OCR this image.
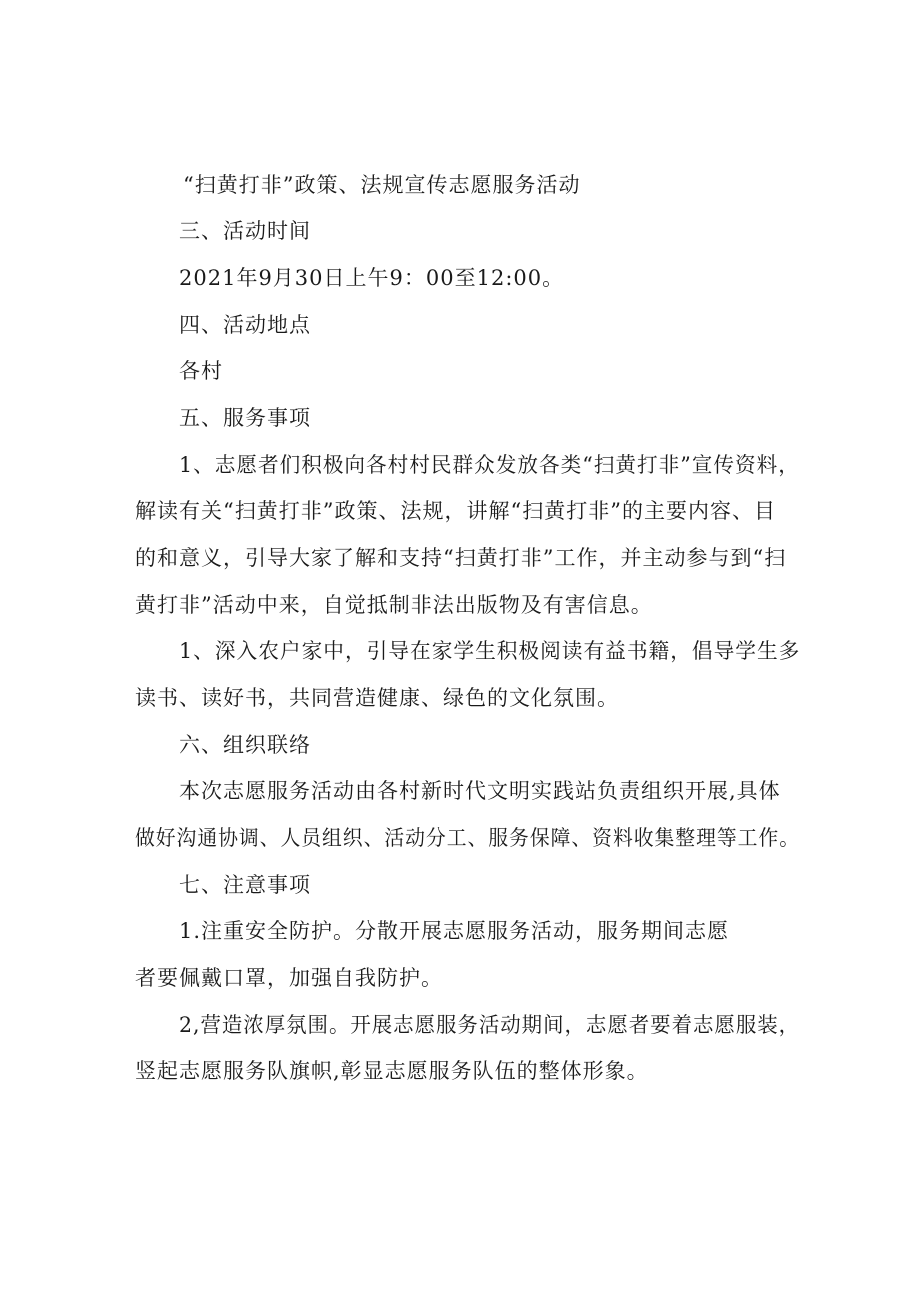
“扫黄打非”政策、法规宣传志愿服务活动
三、活动时间
2021年9月30日上午9：00至12:00。
四、活动地点
各村
五、服务事项
1、志愿者们积极向各村村民群众发放各类“扫黄打非”宣传资料，
解读有关“扫黄打非”政策、法规，讲解“扫黄打非”的主要内容、目
的和意义，引导大家了解和支持“扫黄打非”工作，并主动参与到“扫
黄打非”活动中来，自觉抵制非法出版物及有害信息。
1、深入农户家中，引导在家学生积极阅读有益书籍，倡导学生多
读书、读好书，共同营造健康、绿色的文化氛围。
六、组织联络
本次志愿服务活动由各村新时代文明实践站负责组织开展,具体
做好沟通协调、人员组织、活动分工、服务保障、资料收集整理等工作。
七、注意事项
1.注重安全防护。分散开展志愿服务活动，服务期间志愿
者要佩戴口罩，加强自我防护。
2,营造浓厚氛围。开展志愿服务活动期间，志愿者要着志愿服装，
竖起志愿服务队旗帜,彰显志愿服务队伍的整体形象。
